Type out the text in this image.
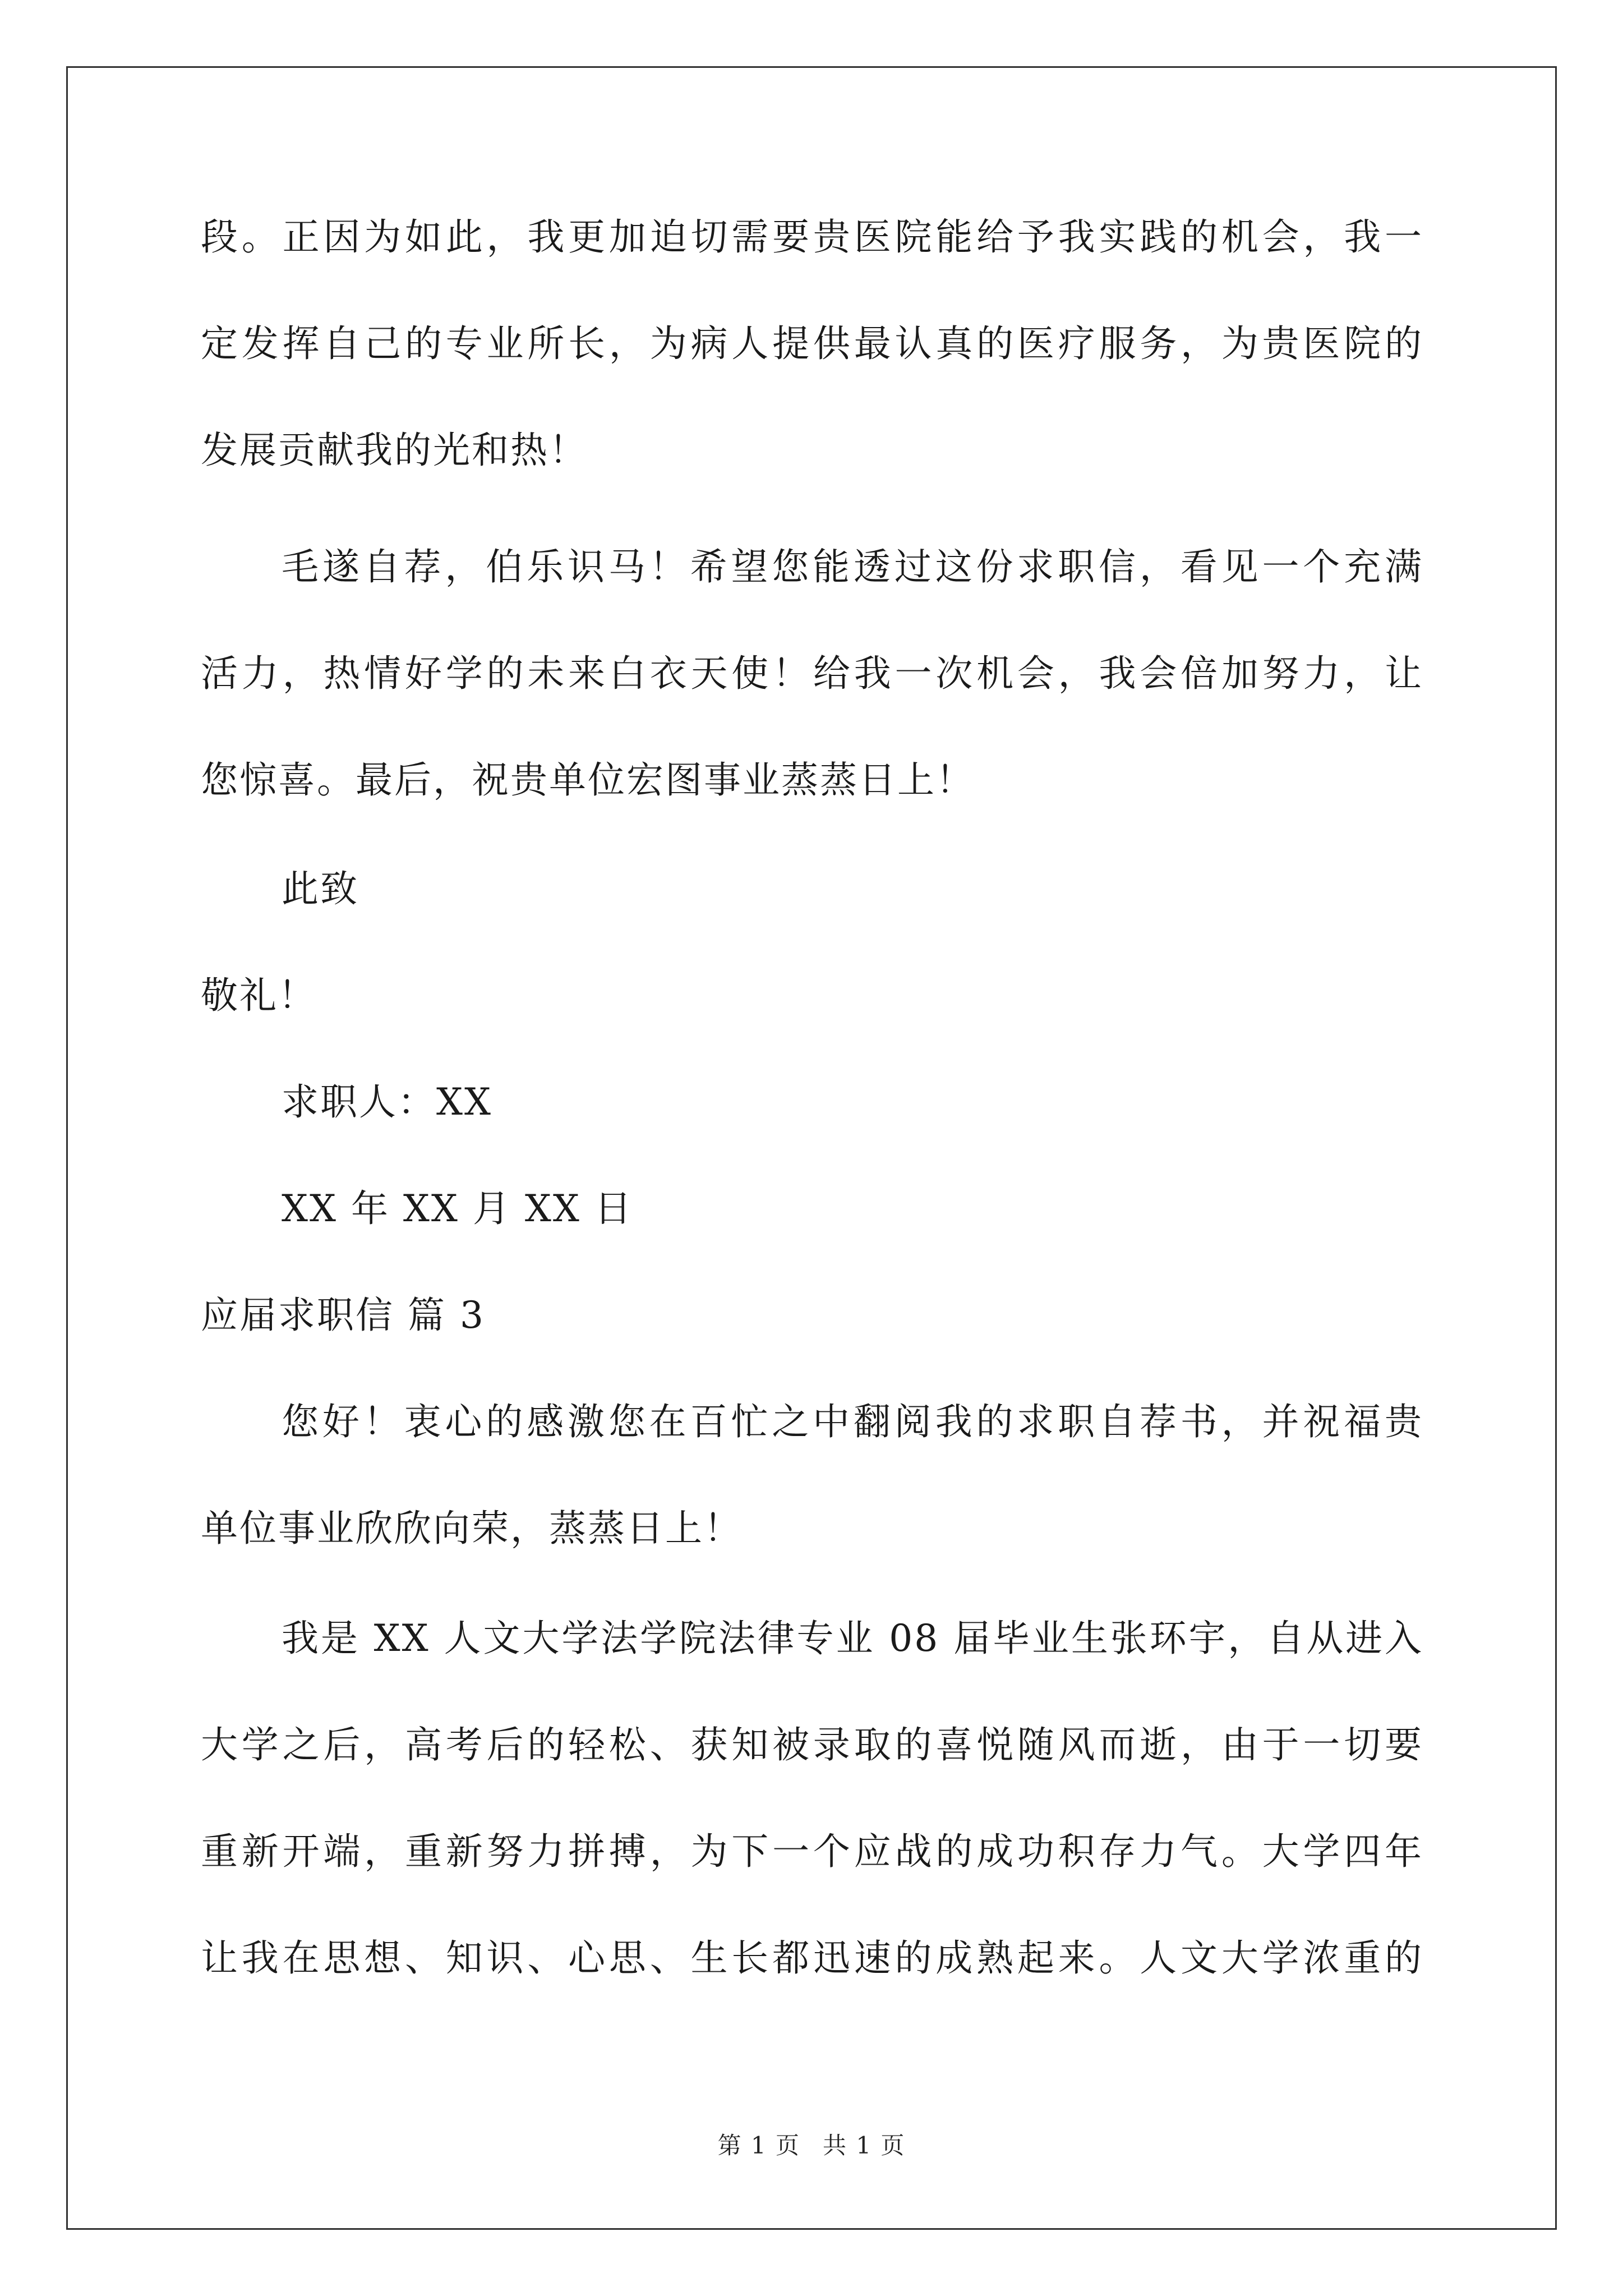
段。正因为如此，我更加迫切需要贵医院能给予我实践的机会，我一
定发挥自己的专业所长，为病人提供最认真的医疗服务，为贵医院的
发展贡献我的光和热！
毛遂自荐，伯乐识马！希望您能透过这份求职信，看见一个充满
活力，热情好学的未来白衣天使！给我一次机会，我会倍加努力，让
您惊喜。最后，祝贵单位宏图事业蒸蒸日上！
此致
敬礼！
求职人：XX
XX 年 XX 月 XX 日
应届求职信 篇 3
您好！衷心的感激您在百忙之中翻阅我的求职自荐书，并祝福贵
单位事业欣欣向荣，蒸蒸日上！
我是 XX 人文大学法学院法律专业 08 届毕业生张环宇，自从进入
大学之后，高考后的轻松、获知被录取的喜悦随风而逝，由于一切要
重新开端，重新努力拼搏，为下一个应战的成功积存力气。大学四年
让我在思想、知识、心思、生长都迅速的成熟起来。人文大学浓重的
第 1 页 共 1 页
